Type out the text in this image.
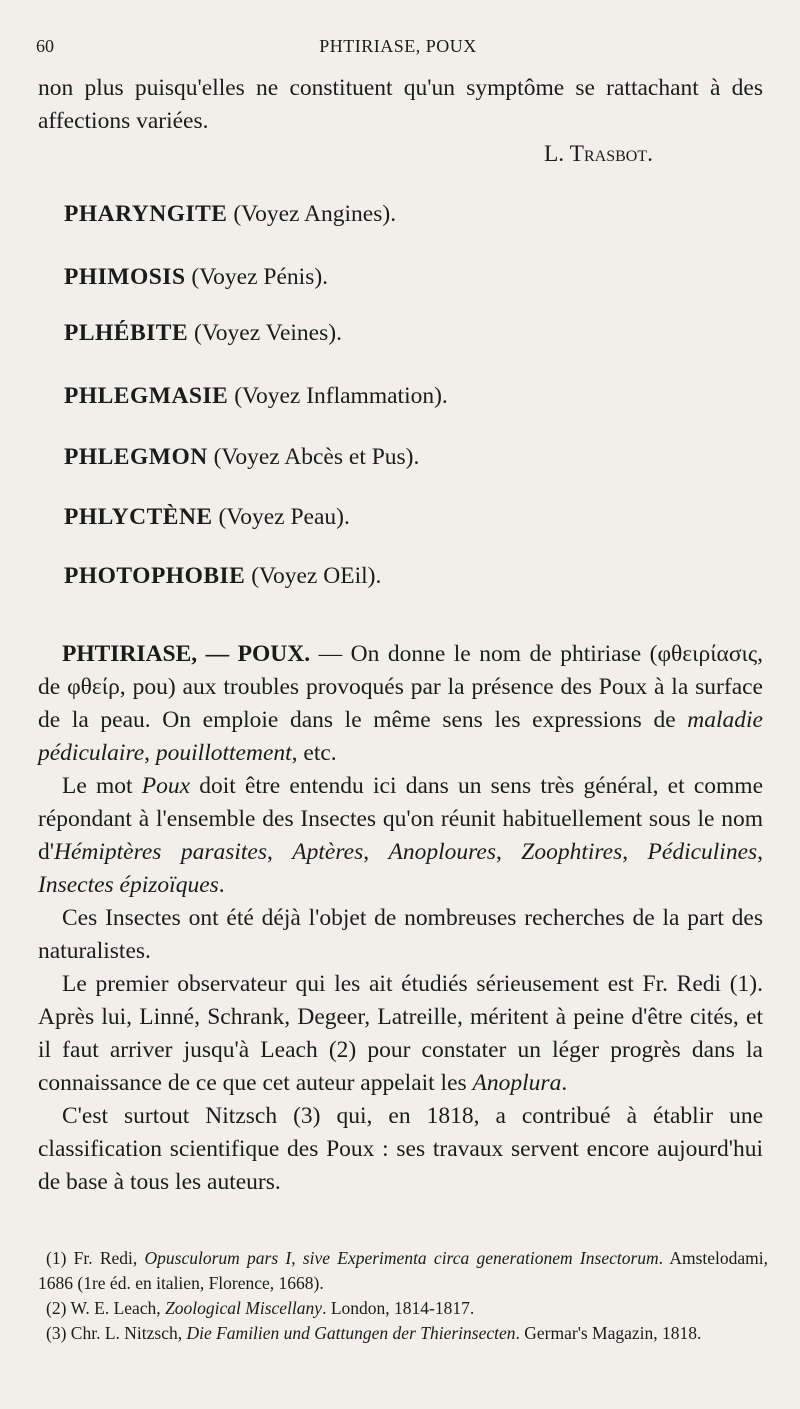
60	PHTIRIASE, POUX

non plus puisqu'elles ne constituent qu'un symptôme se rattachant à des affections variées.

L. Trasbot.

PHARYNGITE (Voyez Angines).
PHIMOSIS (Voyez Pénis).
PLHÉBITE (Voyez Veines).
PHLEGMASIE (Voyez Inflammation).
PHLEGMON (Voyez Abcès et Pus).
PHLYCTÈNE (Voyez Peau).
PHOTOPHOBIE (Voyez OEil).

PHTIRIASE, — POUX. — On donne le nom de phtiriase (φθειρίασις, de φθείρ, pou) aux troubles provoqués par la présence des Poux à la surface de la peau. On emploie dans le même sens les expressions de maladie pédiculaire, pouillottement, etc.

Le mot Poux doit être entendu ici dans un sens très général, et comme répondant à l'ensemble des Insectes qu'on réunit habituellement sous le nom d'Hémiptères parasites, Aptères, Anoploures, Zoophtires, Pédiculines, Insectes épizoïques.

Ces Insectes ont été déjà l'objet de nombreuses recherches de la part des naturalistes.

Le premier observateur qui les ait étudiés sérieusement est Fr. Redi (1). Après lui, Linné, Schrank, Degeer, Latreille, méritent à peine d'être cités, et il faut arriver jusqu'à Leach (2) pour constater un léger progrès dans la connaissance de ce que cet auteur appelait les Anoplura.

C'est surtout Nitzsch (3) qui, en 1818, a contribué à établir une classification scientifique des Poux : ses travaux servent encore aujourd'hui de base à tous les auteurs.

(1) Fr. Redi, Opusculorum pars I, sive Experimenta circa generationem Insectorum. Amstelodami, 1686 (1re éd. en italien, Florence, 1668).

(2) W. E. Leach, Zoological Miscellany. London, 1814-1817.

(3) Chr. L. Nitzsch, Die Familien und Gattungen der Thierinsecten. Germar's Magazin, 1818.
